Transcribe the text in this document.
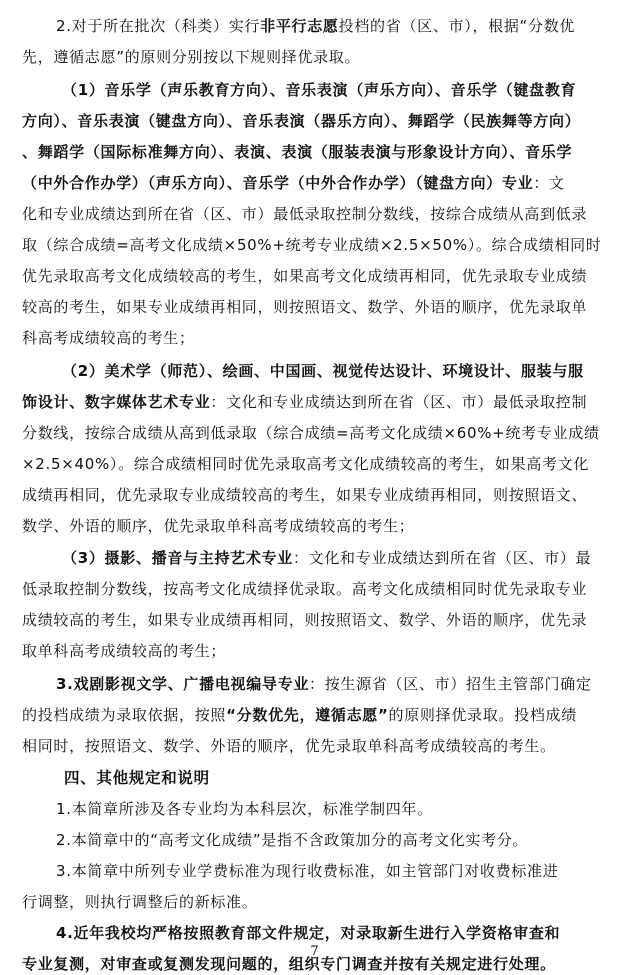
2.对于所在批次（科类）实行非平行志愿投档的省（区、市），根据“分数优
先，遵循志愿”的原则分别按以下规则择优录取。
（1）音乐学（声乐教育方向）、音乐表演（声乐方向）、音乐学（键盘教育
方向）、音乐表演（键盘方向）、音乐表演（器乐方向）、舞蹈学（民族舞等方向）
、舞蹈学（国际标准舞方向）、表演、表演（服装表演与形象设计方向）、音乐学
（中外合作办学）（声乐方向）、音乐学（中外合作办学）（键盘方向）专业：文
化和专业成绩达到所在省（区、市）最低录取控制分数线，按综合成绩从高到低录
取（综合成绩=高考文化成绩×50%+统考专业成绩×2.5×50%）。综合成绩相同时
优先录取高考文化成绩较高的考生，如果高考文化成绩再相同，优先录取专业成绩
较高的考生，如果专业成绩再相同，则按照语文、数学、外语的顺序，优先录取单
科高考成绩较高的考生；
（2）美术学（师范）、绘画、中国画、视觉传达设计、环境设计、服装与服
饰设计、数字媒体艺术专业：文化和专业成绩达到所在省（区、市）最低录取控制
分数线，按综合成绩从高到低录取（综合成绩=高考文化成绩×60%+统考专业成绩
×2.5×40%）。综合成绩相同时优先录取高考文化成绩较高的考生，如果高考文化
成绩再相同，优先录取专业成绩较高的考生，如果专业成绩再相同，则按照语文、
数学、外语的顺序，优先录取单科高考成绩较高的考生；
（3）摄影、播音与主持艺术专业：文化和专业成绩达到所在省（区、市）最
低录取控制分数线，按高考文化成绩择优录取。高考文化成绩相同时优先录取专业
成绩较高的考生，如果专业成绩再相同，则按照语文、数学、外语的顺序，优先录
取单科高考成绩较高的考生；
3.戏剧影视文学、广播电视编导专业：按生源省（区、市）招生主管部门确定
的投档成绩为录取依据，按照“分数优先，遵循志愿”的原则择优录取。投档成绩
相同时，按照语文、数学、外语的顺序，优先录取单科高考成绩较高的考生。
四、其他规定和说明
1.本简章所涉及各专业均为本科层次，标准学制四年。
2.本简章中的“高考文化成绩”是指不含政策加分的高考文化实考分。
3.本简章中所列专业学费标准为现行收费标准，如主管部门对收费标准进
行调整，则执行调整后的新标准。
4.近年我校均严格按照教育部文件规定，对录取新生进行入学资格审查和
专业复测，对审查或复测发现问题的，组织专门调查并按有关规定进行处理。
7
